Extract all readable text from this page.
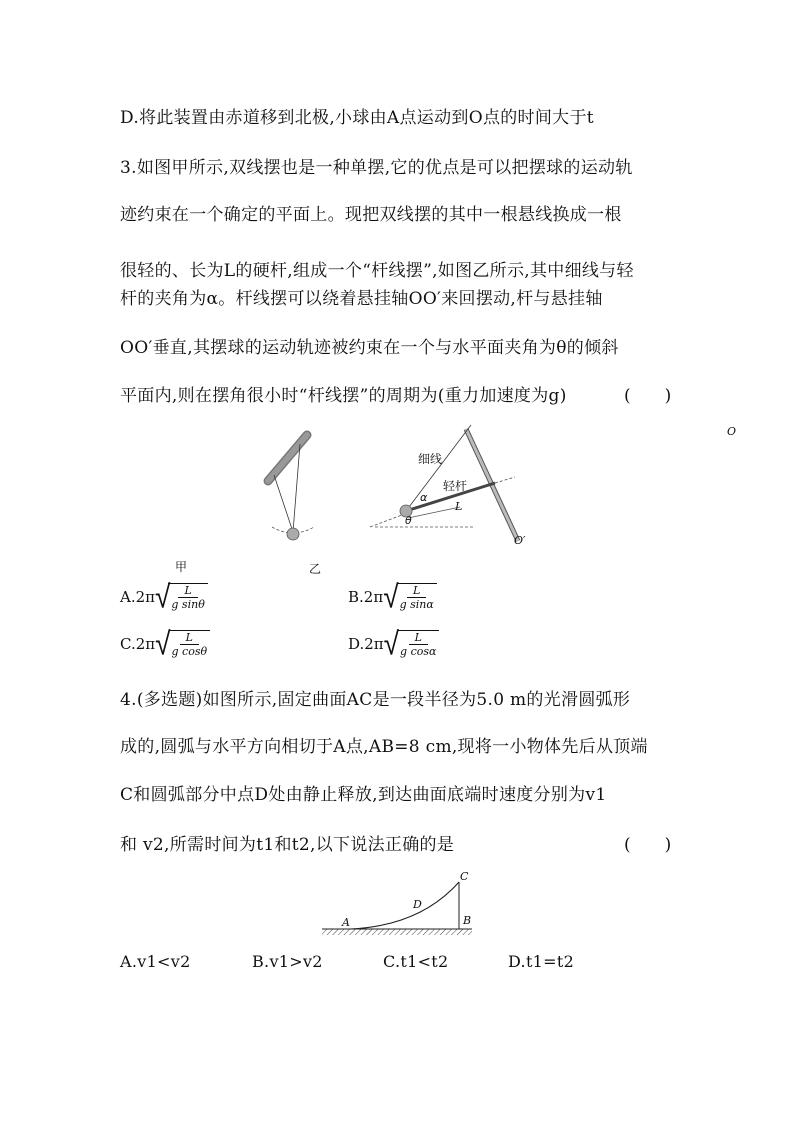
D.将此装置由赤道移到北极,小球由A点运动到O点的时间大于t
3.如图甲所示,双线摆也是一种单摆,它的优点是可以把摆球的运动轨
迹约束在一个确定的平面上。现把双线摆的其中一根悬线换成一根
很轻的、长为L的硬杆,组成一个“杆线摆”,如图乙所示,其中细线与轻
杆的夹角为α。杆线摆可以绕着悬挂轴OO′来回摆动,杆与悬挂轴
OO′垂直,其摆球的运动轨迹被约束在一个与水平面夹角为θ的倾斜
平面内,则在摆角很小时“杆线摆”的周期为(重力加速度为g)	(　　)
O
O′
细线
轻杆
α
L
θ
甲	乙
A.2π √
$\frac{L}{\text{g sinθ}}$	B.2π √
$\frac{L}{\text{g sinα}}$
C.2π √
$\frac{L}{\text{g cosθ}}$	D.2π √
$\frac{L}{\text{g cosα}}$
4.(多选题)如图所示,固定曲面AC是一段半径为5.0 m的光滑圆弧形
成的,圆弧与水平方向相切于A点,AB=8 cm,现将一小物体先后从顶端
C和圆弧部分中点D处由静止释放,到达曲面底端时速度分别为v1
和 v2,所需时间为t1和t2,以下说法正确的是	(　　)
A	B
C
D
A.v1<v2	B.v1>v2	C.t1<t2	D.t1=t2
